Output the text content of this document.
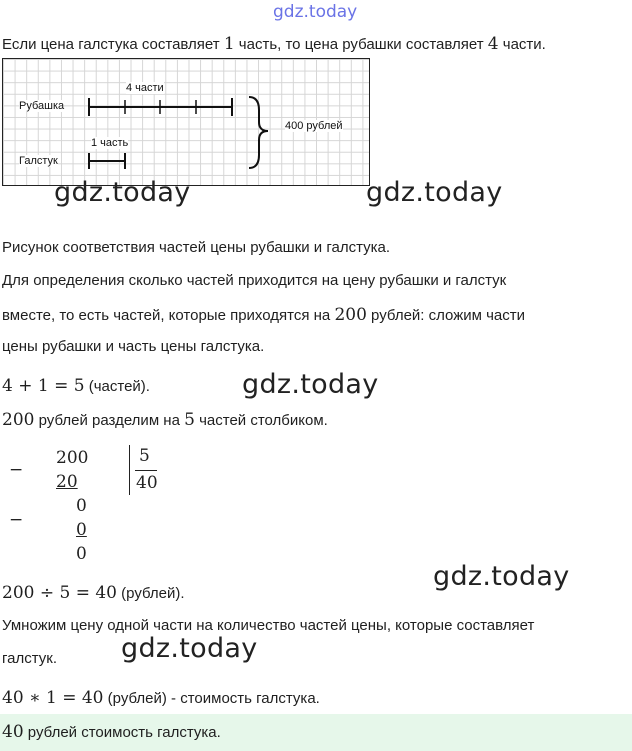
gdz.today
Если цена галстука составляет 1 часть, то цена рубашки составляет 4 части.
Рубашка
Галстук
4 части
1 часть
400 рублей
gdz.today	gdz.today
gdz.today
gdz.today
gdz.today
Рисунок соответствия частей цены рубашки и галстука.
Для определения сколько частей приходится на цену рубашки и галстук
вместе, то есть частей, которые приходятся на 200 рублей: сложим части
цены рубашки и часть цены галстука.
4 + 1 = 5 (частей).
200 рублей разделим на 5 частей столбиком.
−
200
20
−
0
0
0
5
40
200 ÷ 5 = 40 (рублей).
Умножим цену одной части на количество частей цены, которые составляет
галстук.
40 ∗ 1 = 40 (рублей) - стоимость галстука.
40 рублей стоимость галстука.
